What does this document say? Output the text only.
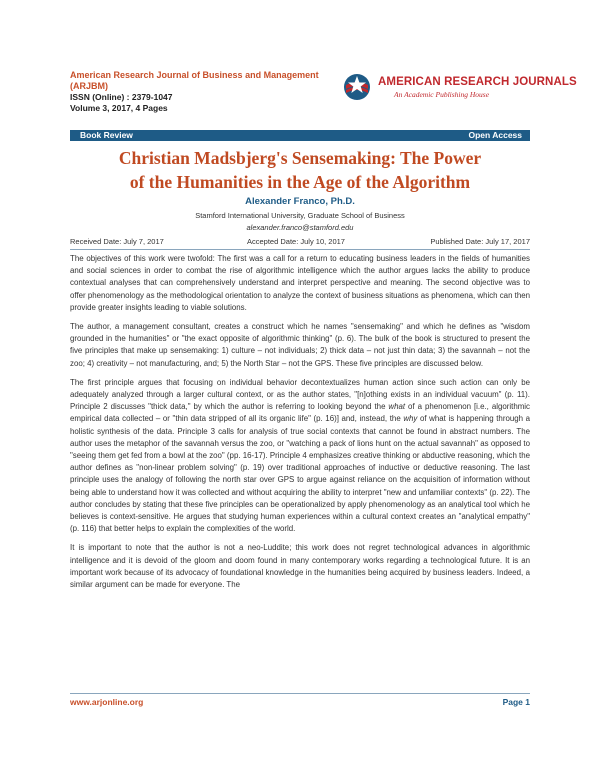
American Research Journal of Business and Management (ARJBM)
ISSN (Online) : 2379-1047
Volume 3, 2017, 4 Pages
AMERICAN RESEARCH JOURNALS
An Academic Publishing House
Book Review	Open Access
Christian Madsbjerg's Sensemaking: The Power
of the Humanities in the Age of the Algorithm
Alexander Franco, Ph.D.
Stamford International University, Graduate School of Business
alexander.franco@stamford.edu
Received Date: July 7, 2017	Accepted Date: July 10, 2017	Published Date: July 17, 2017

The objectives of this work were twofold: The first was a call for a return to educating business leaders in the fields of humanities and social sciences in order to combat the rise of algorithmic intelligence which the author argues lacks the ability to produce contextual analyses that can comprehensively understand and interpret perspective and meaning. The second objective was to offer phenomenology as the methodological orientation to analyze the context of business situations as phenomena, which can then provide greater insights leading to viable solutions.

The author, a management consultant, creates a construct which he names "sensemaking" and which he defines as "wisdom grounded in the humanities" or "the exact opposite of algorithmic thinking" (p. 6). The bulk of the book is structured to present the five principles that make up sensemaking: 1) culture – not individuals; 2) thick data – not just thin data; 3) the savannah – not the zoo; 4) creativity – not manufacturing, and; 5) the North Star – not the GPS. These five principles are discussed below.

The first principle argues that focusing on individual behavior decontextualizes human action since such action can only be adequately analyzed through a larger cultural context, or as the author states, "[n]othing exists in an individual vacuum" (p. 11). Principle 2 discusses "thick data," by which the author is referring to looking beyond the what of a phenomenon [i.e., algorithmic empirical data collected – or "thin data stripped of all its organic life" (p. 16)] and, instead, the why of what is happening through a holistic synthesis of the data. Principle 3 calls for analysis of true social contexts that cannot be found in abstract numbers. The author uses the metaphor of the savannah versus the zoo, or "watching a pack of lions hunt on the actual savannah" as opposed to "seeing them get fed from a bowl at the zoo" (pp. 16-17). Principle 4 emphasizes creative thinking or abductive reasoning, which the author defines as "non-linear problem solving" (p. 19) over traditional approaches of inductive or deductive reasoning. The last principle uses the analogy of following the north star over GPS to argue against reliance on the acquisition of information without being able to understand how it was collected and without acquiring the ability to interpret "new and unfamiliar contexts" (p. 22). The author concludes by stating that these five principles can be operationalized by apply phenomenology as an analytical tool which he believes is context-sensitive. He argues that studying human experiences within a cultural context creates an "analytical empathy" (p. 116) that better helps to explain the complexities of the world.

It is important to note that the author is not a neo-Luddite; this work does not regret technological advances in algorithmic intelligence and it is devoid of the gloom and doom found in many contemporary works regarding a technological future. It is an important work because of its advocacy of foundational knowledge in the humanities being acquired by business leaders. Indeed, a similar argument can be made for everyone. The

www.arjonline.org	Page 1
